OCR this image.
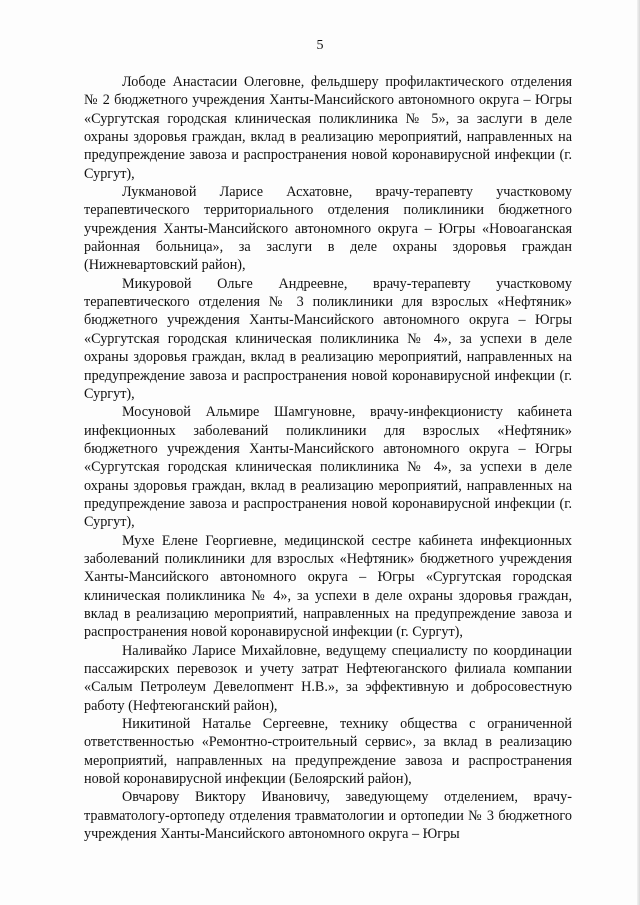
5

Лободе Анастасии Олеговне, фельдшеру профилактического отделения № 2 бюджетного учреждения Ханты-Мансийского автономного округа – Югры «Сургутская городская клиническая поликлиника № 5», за заслуги в деле охраны здоровья граждан, вклад в реализацию мероприятий, направленных на предупреждение завоза и распространения новой коронавирусной инфекции (г. Сургут),

Лукмановой Ларисе Асхатовне, врачу-терапевту участковому терапевтического территориального отделения поликлиники бюджетного учреждения Ханты-Мансийского автономного округа – Югры «Новоаганская районная больница», за заслуги в деле охраны здоровья граждан (Нижневартовский район),

Микуровой Ольге Андреевне, врачу-терапевту участковому терапевтического отделения № 3 поликлиники для взрослых «Нефтяник» бюджетного учреждения Ханты-Мансийского автономного округа – Югры «Сургутская городская клиническая поликлиника № 4», за успехи в деле охраны здоровья граждан, вклад в реализацию мероприятий, направленных на предупреждение завоза и распространения новой коронавирусной инфекции (г. Сургут),

Мосуновой Альмире Шамгуновне, врачу-инфекционисту кабинета инфекционных заболеваний поликлиники для взрослых «Нефтяник» бюджетного учреждения Ханты-Мансийского автономного округа – Югры «Сургутская городская клиническая поликлиника № 4», за успехи в деле охраны здоровья граждан, вклад в реализацию мероприятий, направленных на предупреждение завоза и распространения новой коронавирусной инфекции (г. Сургут),

Мухе Елене Георгиевне, медицинской сестре кабинета инфекционных заболеваний поликлиники для взрослых «Нефтяник» бюджетного учреждения Ханты-Мансийского автономного округа – Югры «Сургутская городская клиническая поликлиника № 4», за успехи в деле охраны здоровья граждан, вклад в реализацию мероприятий, направленных на предупреждение завоза и распространения новой коронавирусной инфекции (г. Сургут),

Наливайко Ларисе Михайловне, ведущему специалисту по координации пассажирских перевозок и учету затрат Нефтеюганского филиала компании «Салым Петролеум Девелопмент Н.В.», за эффективную и добросовестную работу (Нефтеюганский район),

Никитиной Наталье Сергеевне, технику общества с ограниченной ответственностью «Ремонтно-строительный сервис», за вклад в реализацию мероприятий, направленных на предупреждение завоза и распространения новой коронавирусной инфекции (Белоярский район),

Овчарову Виктору Ивановичу, заведующему отделением, врачу-травматологу-ортопеду отделения травматологии и ортопедии № 3 бюджетного учреждения Ханты-Мансийского автономного округа – Югры
